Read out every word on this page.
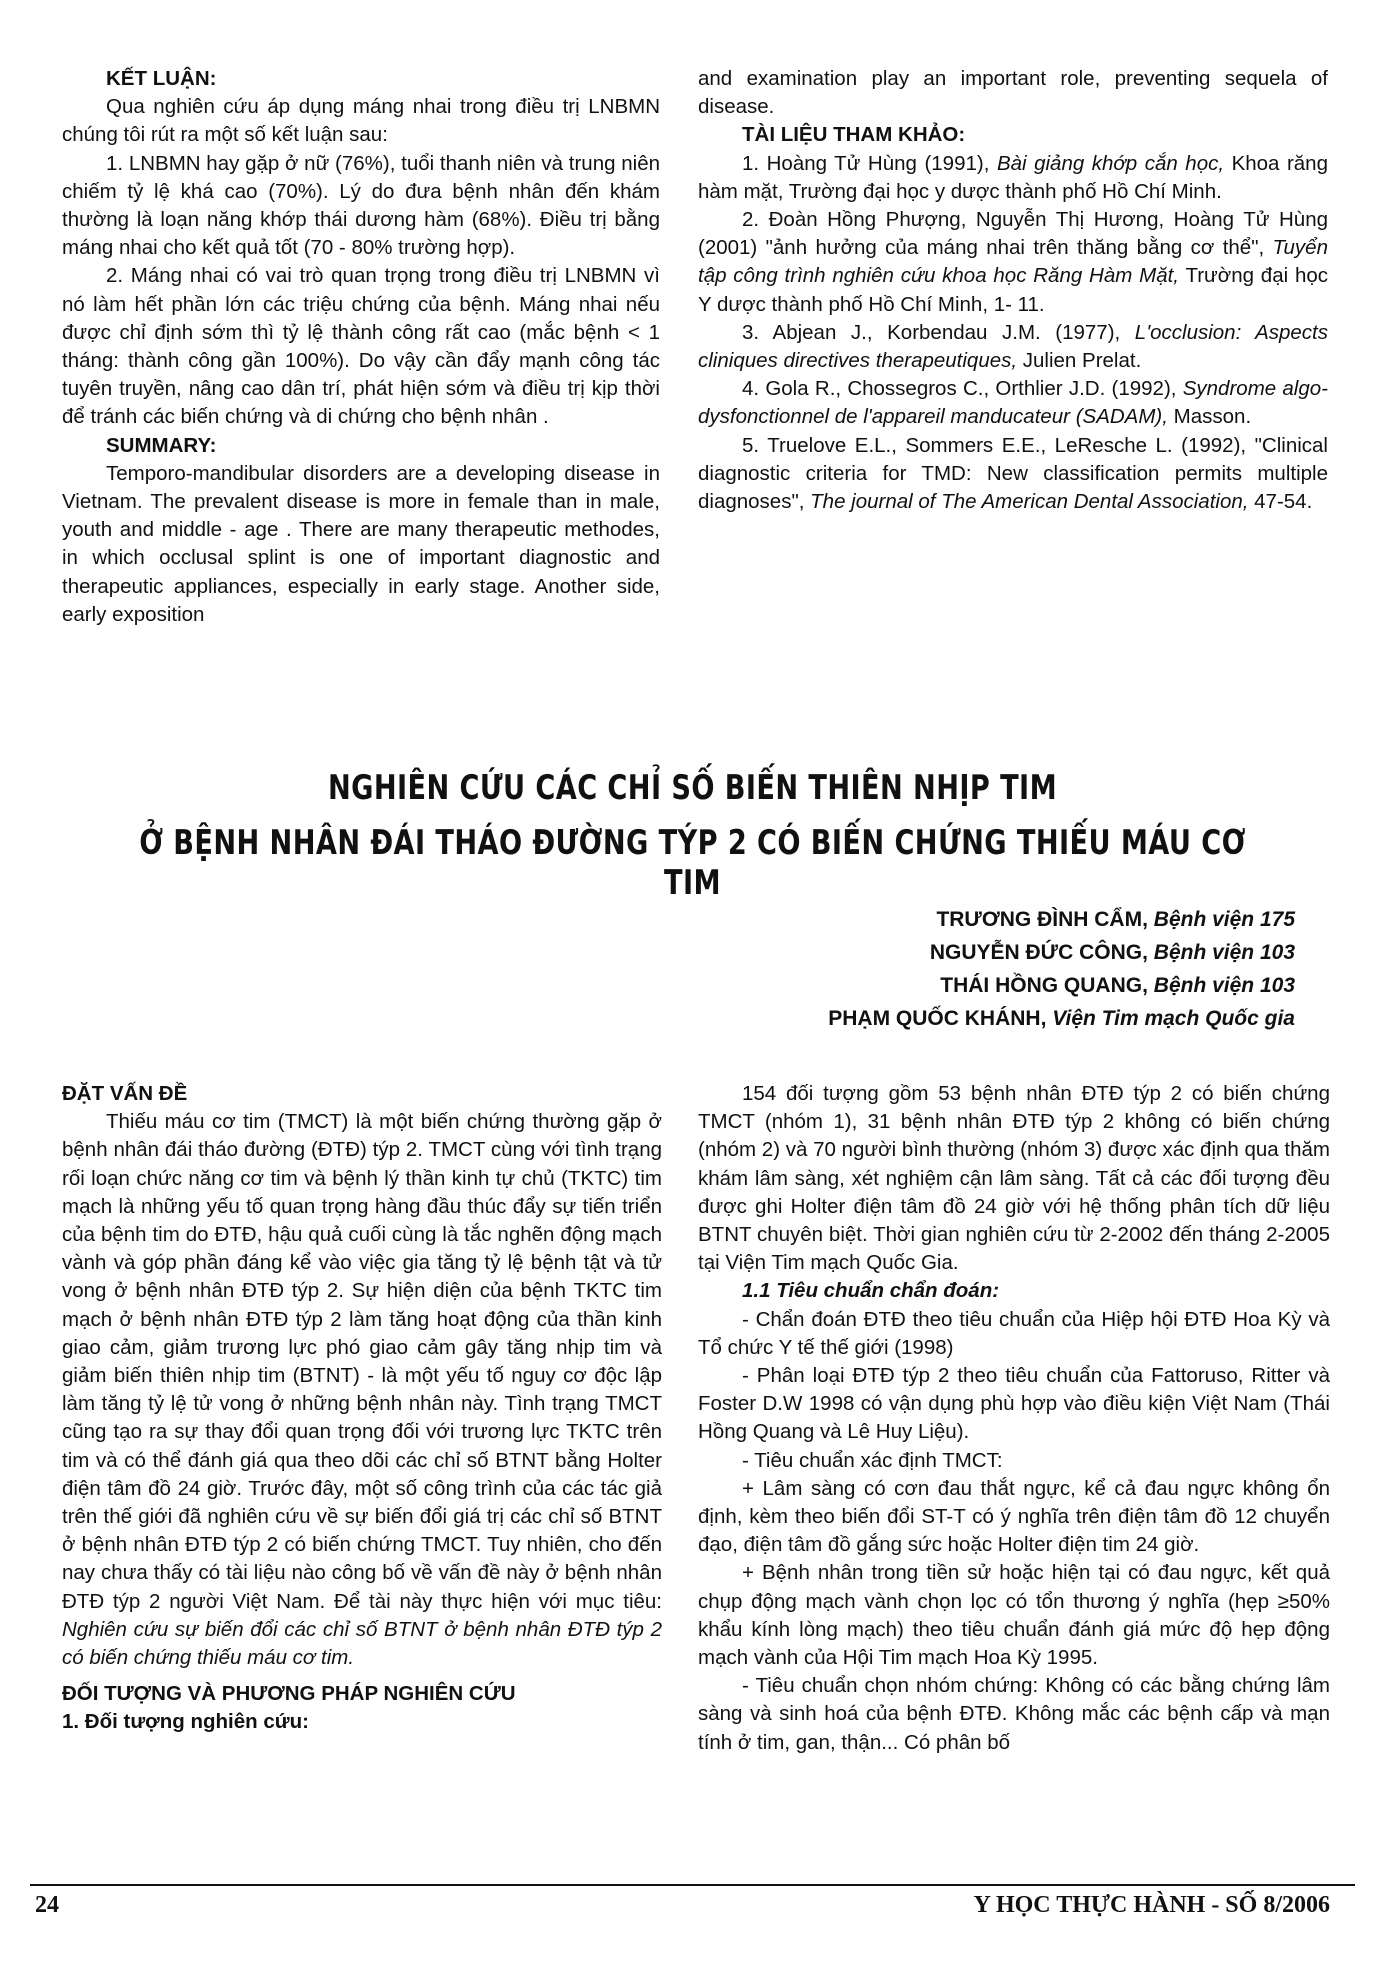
KẾT LUẬN:

Qua nghiên cứu áp dụng máng nhai trong điều trị LNBMN chúng tôi rút ra một số kết luận sau:

1. LNBMN hay gặp ở nữ (76%), tuổi thanh niên và trung niên chiếm tỷ lệ khá cao (70%). Lý do đưa bệnh nhân đến khám thường là loạn năng khớp thái dương hàm (68%). Điều trị bằng máng nhai cho kết quả tốt (70 - 80% trường hợp).

2. Máng nhai có vai trò quan trọng trong điều trị LNBMN vì nó làm hết phần lớn các triệu chứng của bệnh. Máng nhai nếu được chỉ định sớm thì tỷ lệ thành công rất cao (mắc bệnh < 1 tháng: thành công gần 100%). Do vậy cần đẩy mạnh công tác tuyên truyền, nâng cao dân trí, phát hiện sớm và điều trị kịp thời để tránh các biến chứng và di chứng cho bệnh nhân .

SUMMARY:

Temporo-mandibular disorders are a developing disease in Vietnam. The prevalent disease is more in female than in male, youth and middle - age . There are many therapeutic methodes, in which occlusal splint is one of important diagnostic and therapeutic appliances, especially in early stage. Another side, early exposition

and examination play an important role, preventing sequela of disease.

TÀI LIỆU THAM KHẢO:

1. Hoàng Tử Hùng (1991), Bài giảng khớp cắn học, Khoa răng hàm mặt, Trường đại học y dược thành phố Hồ Chí Minh.

2. Đoàn Hồng Phượng, Nguyễn Thị Hương, Hoàng Tử Hùng (2001) "ảnh hưởng của máng nhai trên thăng bằng cơ thể", Tuyển tập công trình nghiên cứu khoa học Răng Hàm Mặt, Trường đại học Y dược thành phố Hồ Chí Minh, 1- 11.

3. Abjean J., Korbendau J.M. (1977), L'occlusion: Aspects cliniques directives therapeutiques, Julien Prelat.

4. Gola R., Chossegros C., Orthlier J.D. (1992), Syndrome algo-dysfonctionnel de l'appareil manducateur (SADAM), Masson.

5. Truelove E.L., Sommers E.E., LeResche L. (1992), "Clinical diagnostic criteria for TMD: New classification permits multiple diagnoses", The journal of The American Dental Association, 47-54.

NGHIÊN CỨU CÁC CHỈ SỐ BIẾN THIÊN NHỊP TIM
Ở BỆNH NHÂN ĐÁI THÁO ĐƯỜNG TÝP 2 CÓ BIẾN CHỨNG THIẾU MÁU CƠ TIM
TRƯƠNG ĐÌNH CẨM, Bệnh viện 175
NGUYỄN ĐỨC CÔNG, Bệnh viện 103
THÁI HỒNG QUANG, Bệnh viện 103
PHẠM QUỐC KHÁNH, Viện Tim mạch Quốc gia

ĐẶT VẤN ĐỀ

Thiếu máu cơ tim (TMCT) là một biến chứng thường gặp ở bệnh nhân đái tháo đường (ĐTĐ) týp 2. TMCT cùng với tình trạng rối loạn chức năng cơ tim và bệnh lý thần kinh tự chủ (TKTC) tim mạch là những yếu tố quan trọng hàng đầu thúc đẩy sự tiến triển của bệnh tim do ĐTĐ, hậu quả cuối cùng là tắc nghẽn động mạch vành và góp phần đáng kể vào việc gia tăng tỷ lệ bệnh tật và tử vong ở bệnh nhân ĐTĐ týp 2. Sự hiện diện của bệnh TKTC tim mạch ở bệnh nhân ĐTĐ týp 2 làm tăng hoạt động của thần kinh giao cảm, giảm trương lực phó giao cảm gây tăng nhịp tim và giảm biến thiên nhịp tim (BTNT) - là một yếu tố nguy cơ độc lập làm tăng tỷ lệ tử vong ở những bệnh nhân này. Tình trạng TMCT cũng tạo ra sự thay đổi quan trọng đối với trương lực TKTC trên tim và có thể đánh giá qua theo dõi các chỉ số BTNT bằng Holter điện tâm đồ 24 giờ. Trước đây, một số công trình của các tác giả trên thế giới đã nghiên cứu về sự biến đổi giá trị các chỉ số BTNT ở bệnh nhân ĐTĐ týp 2 có biến chứng TMCT. Tuy nhiên, cho đến nay chưa thấy có tài liệu nào công bố về vấn đề này ở bệnh nhân ĐTĐ týp 2 người Việt Nam. Để tài này thực hiện với mục tiêu: Nghiên cứu sự biến đổi các chỉ số BTNT ở bệnh nhân ĐTĐ týp 2 có biến chứng thiếu máu cơ tim.

ĐỐI TƯỢNG VÀ PHƯƠNG PHÁP NGHIÊN CỨU

1. Đối tượng nghiên cứu:

154 đối tượng gồm 53 bệnh nhân ĐTĐ týp 2 có biến chứng TMCT (nhóm 1), 31 bệnh nhân ĐTĐ týp 2 không có biến chứng (nhóm 2) và 70 người bình thường (nhóm 3) được xác định qua thăm khám lâm sàng, xét nghiệm cận lâm sàng. Tất cả các đối tượng đều được ghi Holter điện tâm đồ 24 giờ với hệ thống phân tích dữ liệu BTNT chuyên biệt. Thời gian nghiên cứu từ 2-2002 đến tháng 2-2005 tại Viện Tim mạch Quốc Gia.

1.1 Tiêu chuẩn chẩn đoán:

- Chẩn đoán ĐTĐ theo tiêu chuẩn của Hiệp hội ĐTĐ Hoa Kỳ và Tổ chức Y tế thế giới (1998)

- Phân loại ĐTĐ týp 2 theo tiêu chuẩn của Fattoruso, Ritter và Foster D.W 1998 có vận dụng phù hợp vào điều kiện Việt Nam (Thái Hồng Quang và Lê Huy Liệu).

- Tiêu chuẩn xác định TMCT:

+ Lâm sàng có cơn đau thắt ngực, kể cả đau ngực không ổn định, kèm theo biến đổi ST-T có ý nghĩa trên điện tâm đồ 12 chuyển đạo, điện tâm đồ gắng sức hoặc Holter điện tim 24 giờ.

+ Bệnh nhân trong tiền sử hoặc hiện tại có đau ngực, kết quả chụp động mạch vành chọn lọc có tổn thương ý nghĩa (hẹp ≥50% khẩu kính lòng mạch) theo tiêu chuẩn đánh giá mức độ hẹp động mạch vành của Hội Tim mạch Hoa Kỳ 1995.

- Tiêu chuẩn chọn nhóm chứng: Không có các bằng chứng lâm sàng và sinh hoá của bệnh ĐTĐ. Không mắc các bệnh cấp và mạn tính ở tim, gan, thận... Có phân bố

24	Y HỌC THỰC HÀNH - SỐ 8/2006
